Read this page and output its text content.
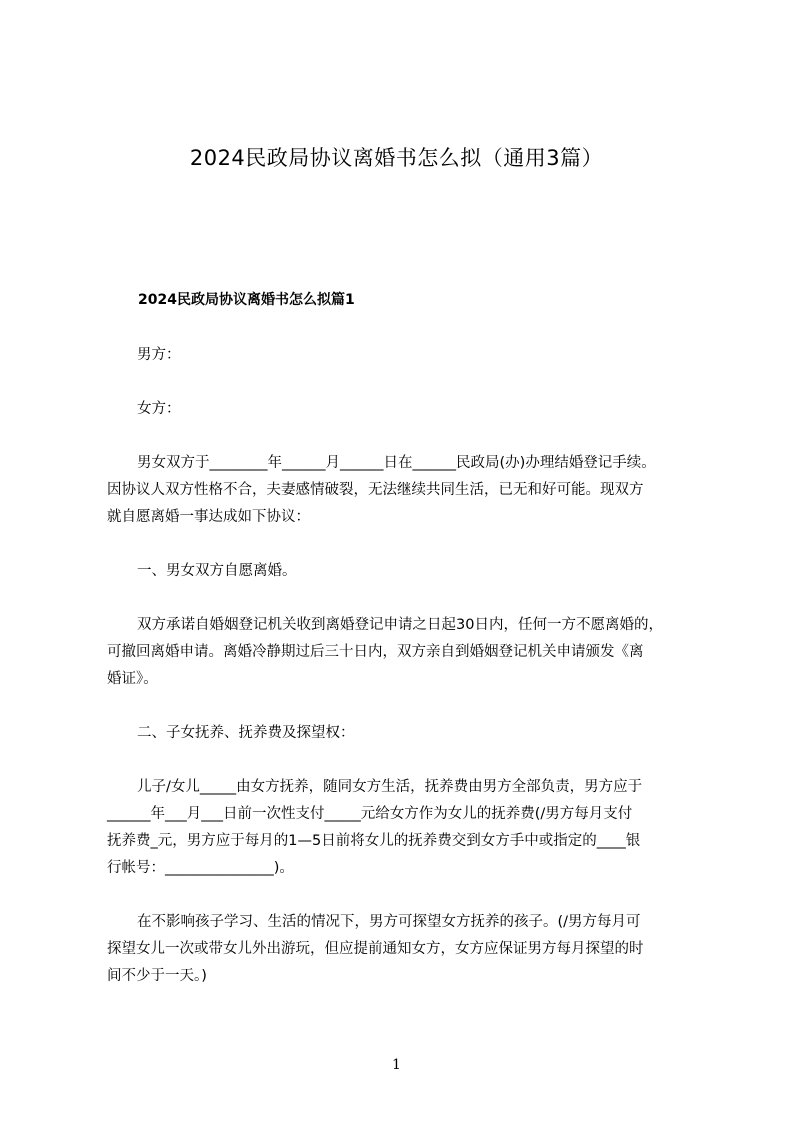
2024民政局协议离婚书怎么拟（通用3篇）
2024民政局协议离婚书怎么拟篇1

男方：

女方：

男女双方于________年______月______日在______民政局(办)办理结婚登记手续。

因协议人双方性格不合，夫妻感情破裂，无法继续共同生活，已无和好可能。现双方

就自愿离婚一事达成如下协议：

一、男女双方自愿离婚。

双方承诺自婚姻登记机关收到离婚登记申请之日起30日内，任何一方不愿离婚的，

可撤回离婚申请。离婚冷静期过后三十日内，双方亲自到婚姻登记机关申请颁发《离

婚证》。

二、子女抚养、抚养费及探望权：

儿子/女儿_____由女方抚养，随同女方生活，抚养费由男方全部负责，男方应于

______年___月___日前一次性支付_____元给女方作为女儿的抚养费(/男方每月支付

抚养费_元，男方应于每月的1—5日前将女儿的抚养费交到女方手中或指定的____银

行帐号：_______________)。

在不影响孩子学习、生活的情况下，男方可探望女方抚养的孩子。(/男方每月可

探望女儿一次或带女儿外出游玩，但应提前通知女方，女方应保证男方每月探望的时

间不少于一天。)

1
